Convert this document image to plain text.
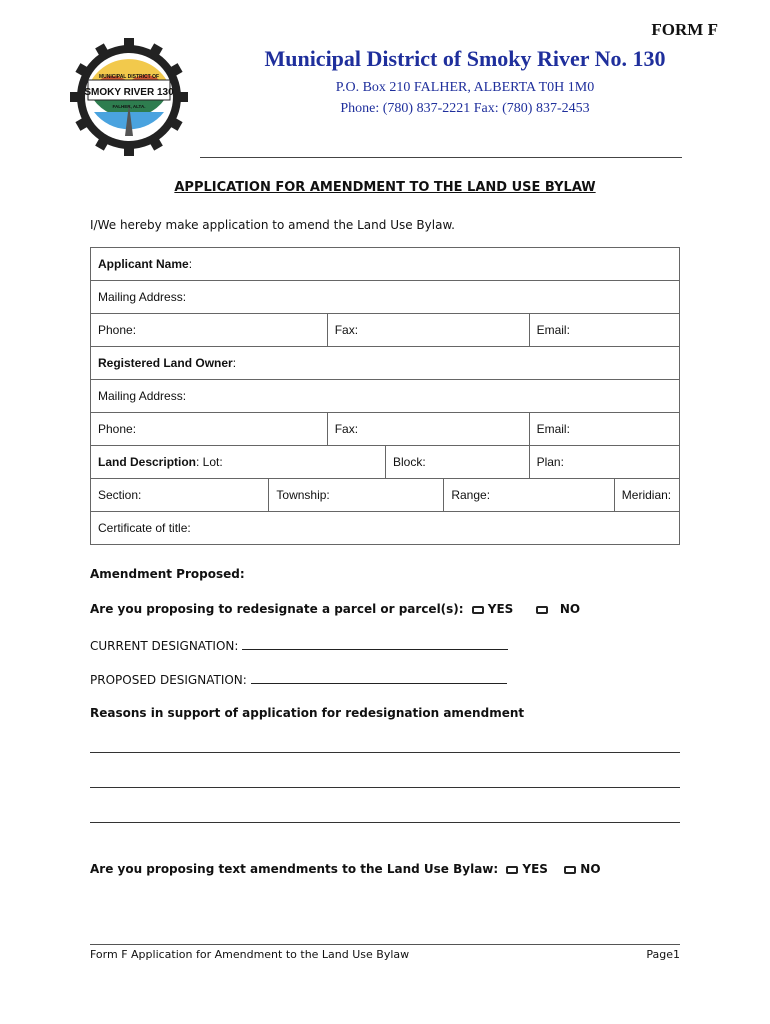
FORM F
MUNICIPAL DISTRICT OF
SMOKY RIVER 130
FALHER, ALTA.
Municipal District of Smoky River No. 130
P.O. Box 210 FALHER, ALBERTA T0H 1M0
Phone: (780) 837-2221 Fax: (780) 837-2453
APPLICATION FOR AMENDMENT TO THE LAND USE BYLAW
I/We hereby make application to amend the Land Use Bylaw.
Applicant Name:						
Mailing Address:						
Phone:		Fax:			Email:	
Registered Land Owner:						
Mailing Address:						
Phone:		Fax:			Email:	
Land Description: Lot:			Block:		Plan:	
Section:	Township:			Range:		Meridian:
Certificate of title:						
Amendment Proposed:
Are you proposing to redesignate a parcel or parcel(s): YES	NO
CURRENT DESIGNATION:
PROPOSED DESIGNATION:
Reasons in support of application for redesignation amendment
Are you proposing text amendments to the Land Use Bylaw: YES	NO
Form F Application for Amendment to the Land Use Bylaw	Page1
